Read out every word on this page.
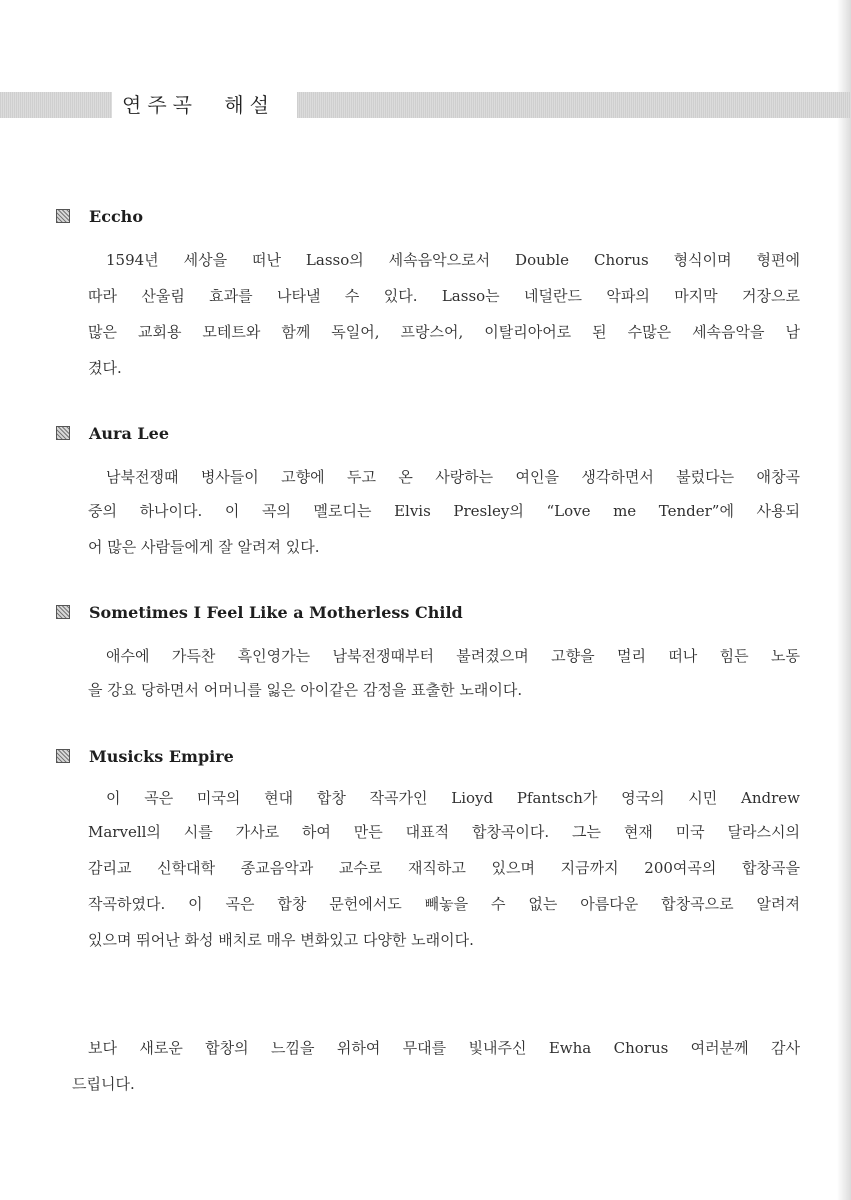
연주곡 해설
Eccho
1594년 세상을 떠난 Lasso의 세속음악으로서 Double Chorus 형식이며 형편에
따라 산울림 효과를 나타낼 수 있다. Lasso는 네덜란드 악파의 마지막 거장으로
많은 교회용 모테트와 함께 독일어, 프랑스어, 이탈리아어로 된 수많은 세속음악을 남
겼다.
Aura Lee
남북전쟁때 병사들이 고향에 두고 온 사랑하는 여인을 생각하면서 불렀다는 애창곡
중의 하나이다. 이 곡의 멜로디는 Elvis Presley의 “Love me Tender”에 사용되
어 많은 사람들에게 잘 알려져 있다.
Sometimes I Feel Like a Motherless Child
애수에 가득찬 흑인영가는 남북전쟁때부터 불려졌으며 고향을 멀리 떠나 힘든 노동
을 강요 당하면서 어머니를 잃은 아이같은 감정을 표출한 노래이다.
Musicks Empire
이 곡은 미국의 현대 합창 작곡가인 Lioyd Pfantsch가 영국의 시민 Andrew
Marvell의 시를 가사로 하여 만든 대표적 합창곡이다. 그는 현재 미국 달라스시의
감리교 신학대학 종교음악과 교수로 재직하고 있으며 지금까지 200여곡의 합창곡을
작곡하였다. 이 곡은 합창 문헌에서도 빼놓을 수 없는 아름다운 합창곡으로 알려져
있으며 뛰어난 화성 배치로 매우 변화있고 다양한 노래이다.
보다 새로운 합창의 느낌을 위하여 무대를 빛내주신 Ewha Chorus 여러분께 감사
드립니다.
